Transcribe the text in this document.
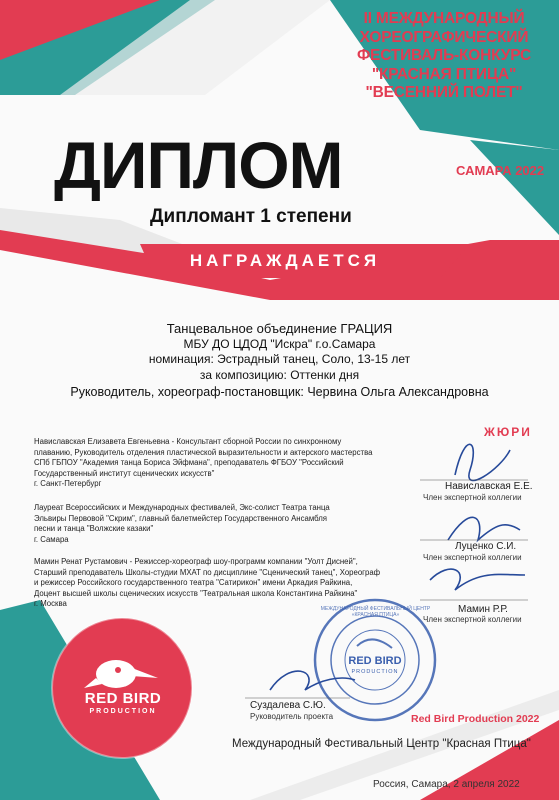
II МЕЖДУНАРОДНЫЙ
ХОРЕОГРАФИЧЕСКИЙ
ФЕСТИВАЛЬ-КОНКУРС
"КРАСНАЯ ПТИЦА"
"ВЕСЕННИЙ ПОЛЕТ"
САМАРА 2022
ДИПЛОМ
Дипломант 1 степени
НАГРАЖДАЕТСЯ
Танцевальное объединение ГРАЦИЯ
МБУ ДО ЦДОД "Искра" г.о.Самара
номинация: Эстрадный танец, Соло, 13-15 лет
за композицию: Оттенки дня
Руководитель, хореограф-постановщик: Червина Ольга Александровна
ЖЮРИ
Навиславская Елизавета Евгеньевна - Консультант сборной России по синхронному
плаванию, Руководитель отделения пластической выразительности и актерского мастерства
СПб ГБПОУ "Академия танца Бориса Эйфмана", преподаватель ФГБОУ "Российский
Государственный институт сценических искусств"
г. Санкт-Петербург	Навиславская Е.Е.
Член экспертной коллегии
Лауреат Всероссийских и Международных фестивалей, Экс-солист Театра танца
Эльвиры Первовой "Скрим", главный балетмейстер Государственного Ансамбля
песни и танца "Волжские казаки"
г. Самара
Луценко С.И.
Член экспертной коллегии
Мамин Ренат Рустамович - Режиссер-хореограф шоу-программ компании "Уолт Дисней",
Старший преподаватель Школы-студии МХАТ по дисциплине "Сценический танец", Хореограф
и режиссер Российского государственного театра "Сатирикон" имени Аркадия Райкина,
Доцент высшей школы сценических искусств "Театральная школа Константина Райкина"
г. Москва
Мамин Р.Р.
Член экспертной коллегии
Суздалева С.Ю.
Руководитель проекта
RED BIRD
PRODUCTION
МЕЖДУНАРОДНЫЙ ФЕСТИВАЛЬНЫЙ ЦЕНТР «КРАСНАЯ ПТИЦА»
RED BIRD
PRODUCTION
Red Bird Production 2022
Международный Фестивальный Центр "Красная Птица"
Россия, Самара, 2 апреля 2022
